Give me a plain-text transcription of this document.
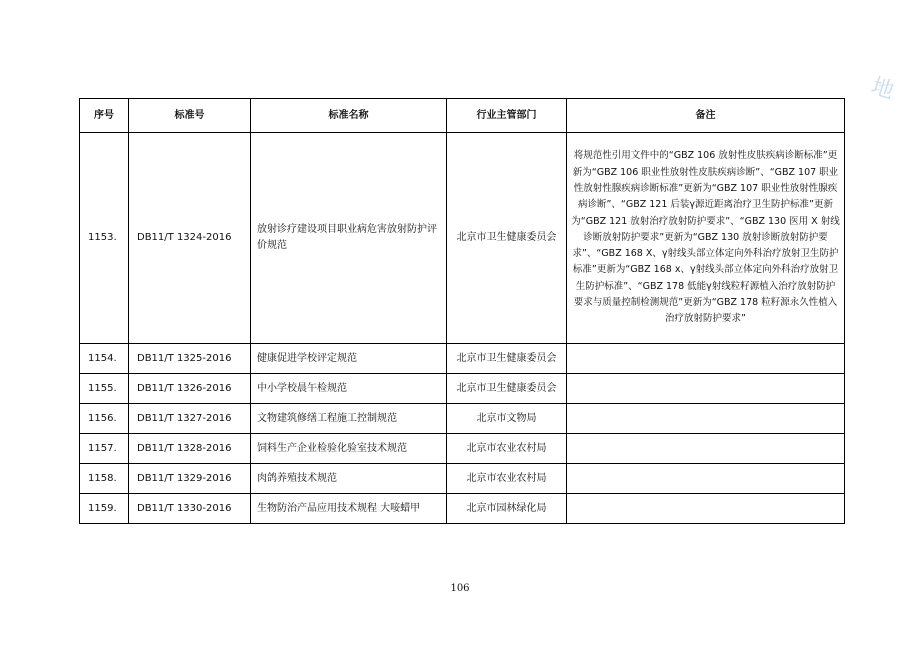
地
序号	标准号	标准名称	行业主管部门	备注
1153.	DB11/T 1324-2016	放射诊疗建设项目职业病危害放射防护评价规范	北京市卫生健康委员会	将规范性引用文件中的“GBZ 106 放射性皮肤疾病诊断标准”更新为“GBZ 106 职业性放射性皮肤疾病诊断”、“GBZ 107 职业性放射性腺疾病诊断标准”更新为“GBZ 107 职业性放射性腺疾病诊断”、“GBZ 121 后装γ源近距离治疗卫生防护标准”更新为“GBZ 121 放射治疗放射防护要求”、“GBZ 130 医用 X 射线诊断放射防护要求”更新为“GBZ 130 放射诊断放射防护要求”、“GBZ 168 X、γ射线头部立体定向外科治疗放射卫生防护标准”更新为“GBZ 168 x、γ射线头部立体定向外科治疗放射卫生防护标准”、“GBZ 178 低能γ射线粒籽源植入治疗放射防护要求与质量控制检测规范”更新为“GBZ 178 粒籽源永久性植入治疗放射防护要求”
1154.	DB11/T 1325-2016	健康促进学校评定规范	北京市卫生健康委员会	
1155.	DB11/T 1326-2016	中小学校晨午检规范	北京市卫生健康委员会	
1156.	DB11/T 1327-2016	文物建筑修缮工程施工控制规范	北京市文物局	
1157.	DB11/T 1328-2016	饲料生产企业检验化验室技术规范	北京市农业农村局	
1158.	DB11/T 1329-2016	肉鸽养殖技术规范	北京市农业农村局	
1159.	DB11/T 1330-2016	生物防治产品应用技术规程 大唼蜡甲	北京市园林绿化局	
106
